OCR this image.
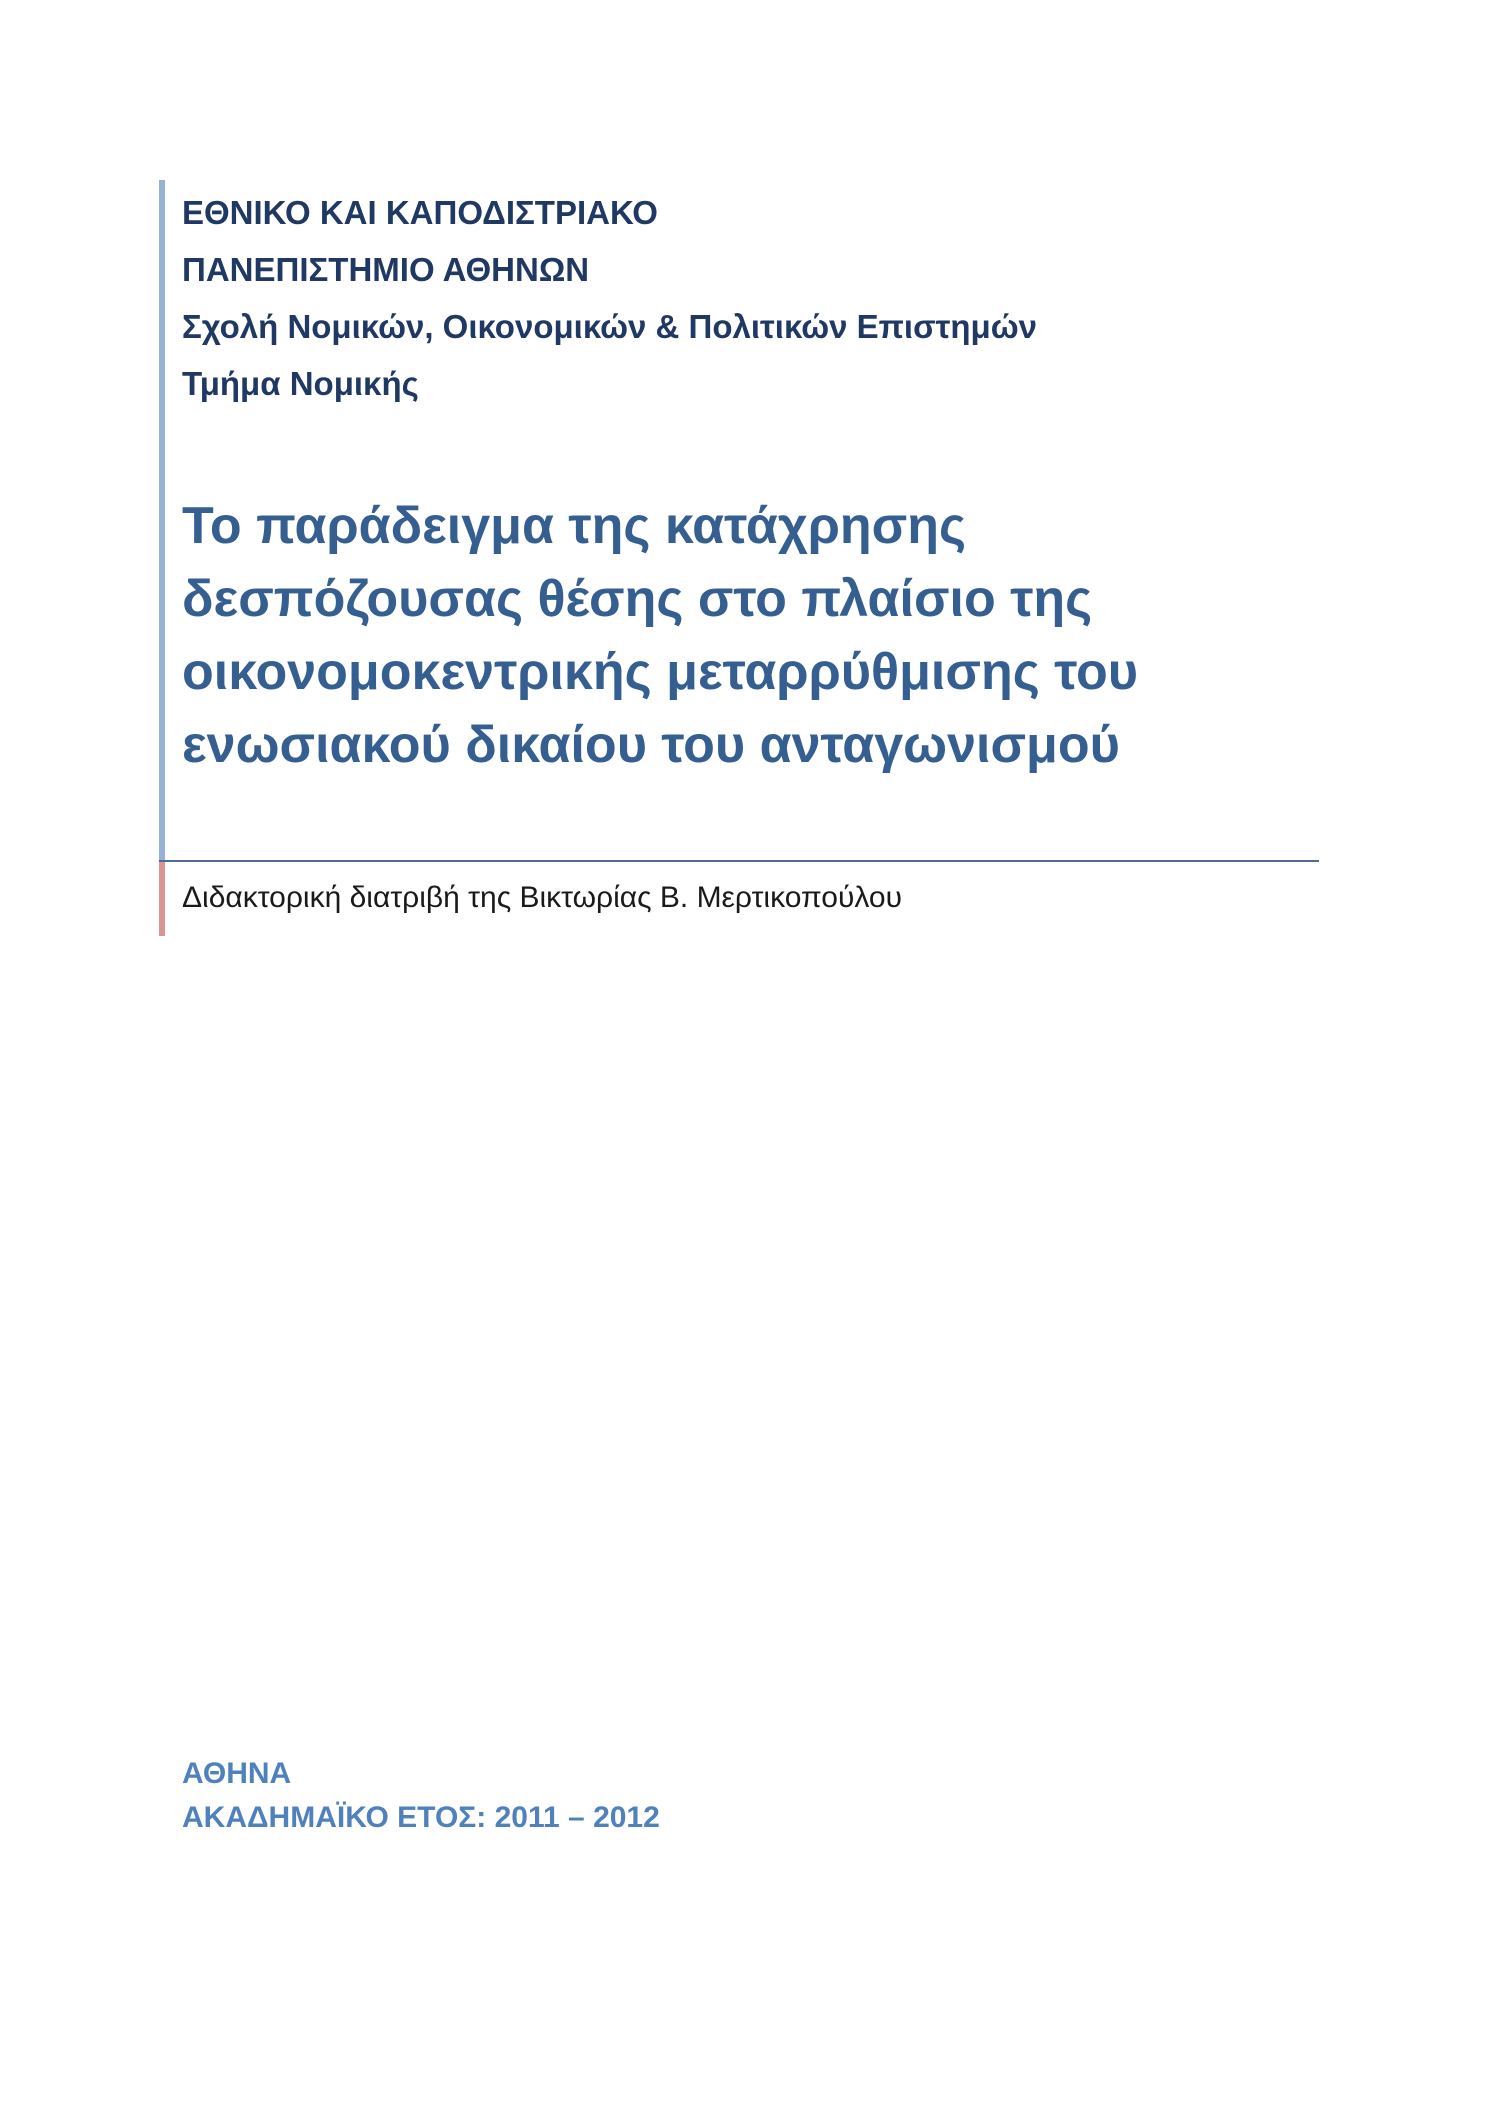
ΕΘΝΙΚΟ ΚΑΙ ΚΑΠΟΔΙΣΤΡΙΑΚΟ
ΠΑΝΕΠΙΣΤΗΜΙΟ ΑΘΗΝΩΝ
Σχολή Νομικών, Οικονομικών & Πολιτικών Επιστημών
Τμήμα Νομικής
Το παράδειγμα της κατάχρησης
δεσπόζουσας θέσης στο πλαίσιο της
οικονομοκεντρικής μεταρρύθμισης του
ενωσιακού δικαίου του ανταγωνισμού

Διδακτορική διατριβή της Βικτωρίας Β. Μερτικοπούλου

ΑΘΗΝΑ
ΑΚΑΔΗΜΑΪΚΟ ΕΤΟΣ: 2011 – 2012
